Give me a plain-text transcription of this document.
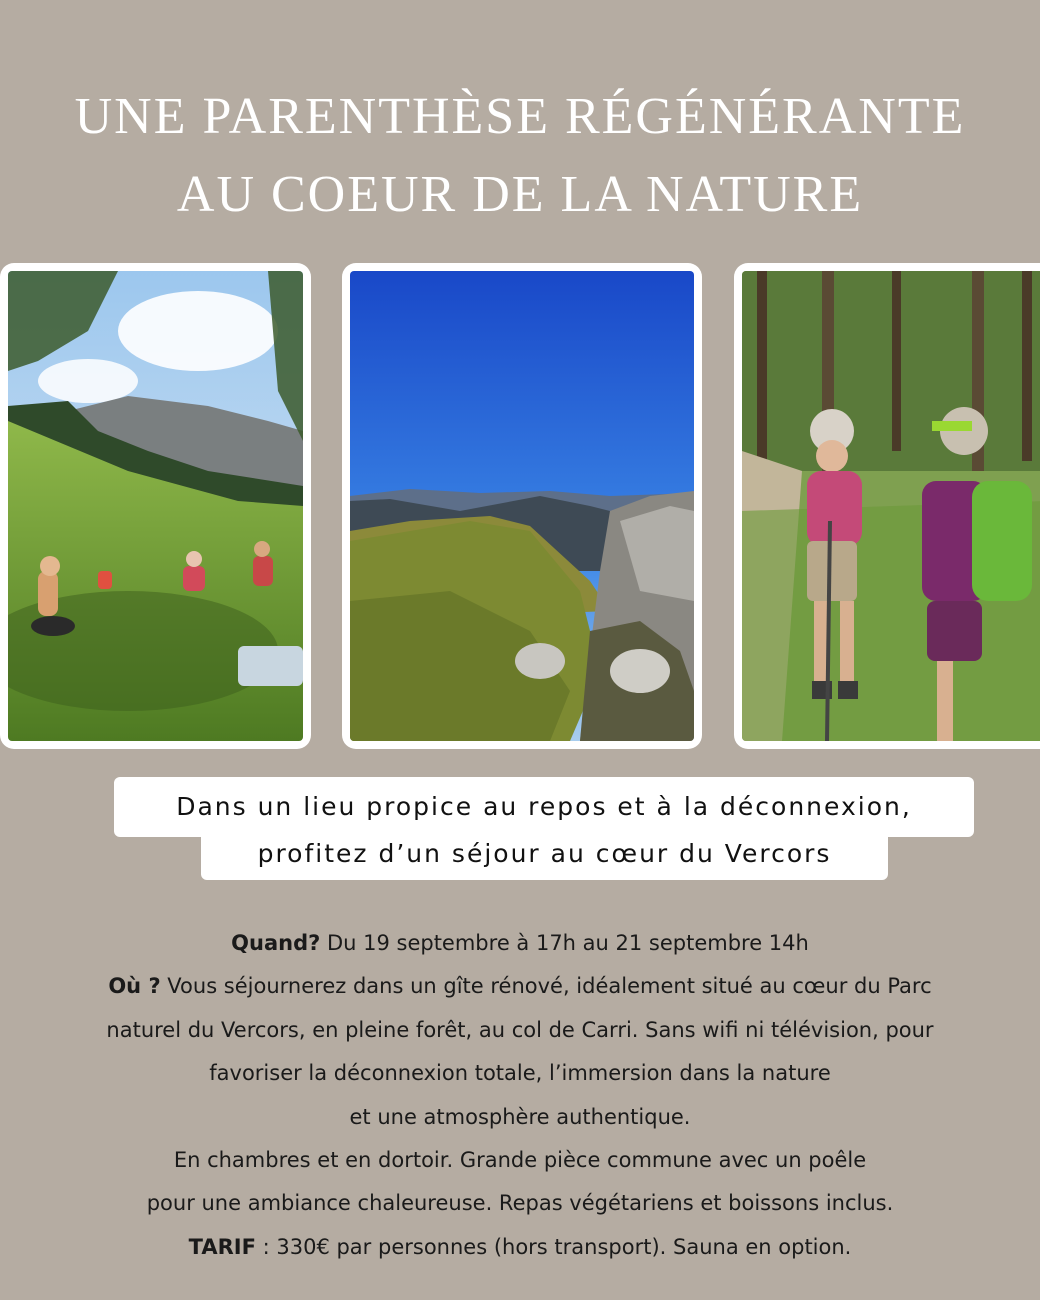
UNE PARENTHÈSE RÉGÉNÉRANTE
AU COEUR DE LA NATURE
Dans un lieu propice au repos et à la déconnexion,
profitez d’un séjour au cœur du Vercors

Quand? Du 19 septembre à 17h au 21 septembre 14h

Où ? Vous séjournerez dans un gîte rénové, idéalement situé au cœur du Parc

naturel du Vercors, en pleine forêt, au col de Carri. Sans wifi ni télévision, pour

favoriser la déconnexion totale, l’immersion dans la nature

et une atmosphère authentique.

En chambres et en dortoir. Grande pièce commune avec un poêle

pour une ambiance chaleureuse. Repas végétariens et boissons inclus.

TARIF : 330€ par personnes (hors transport). Sauna en option.
